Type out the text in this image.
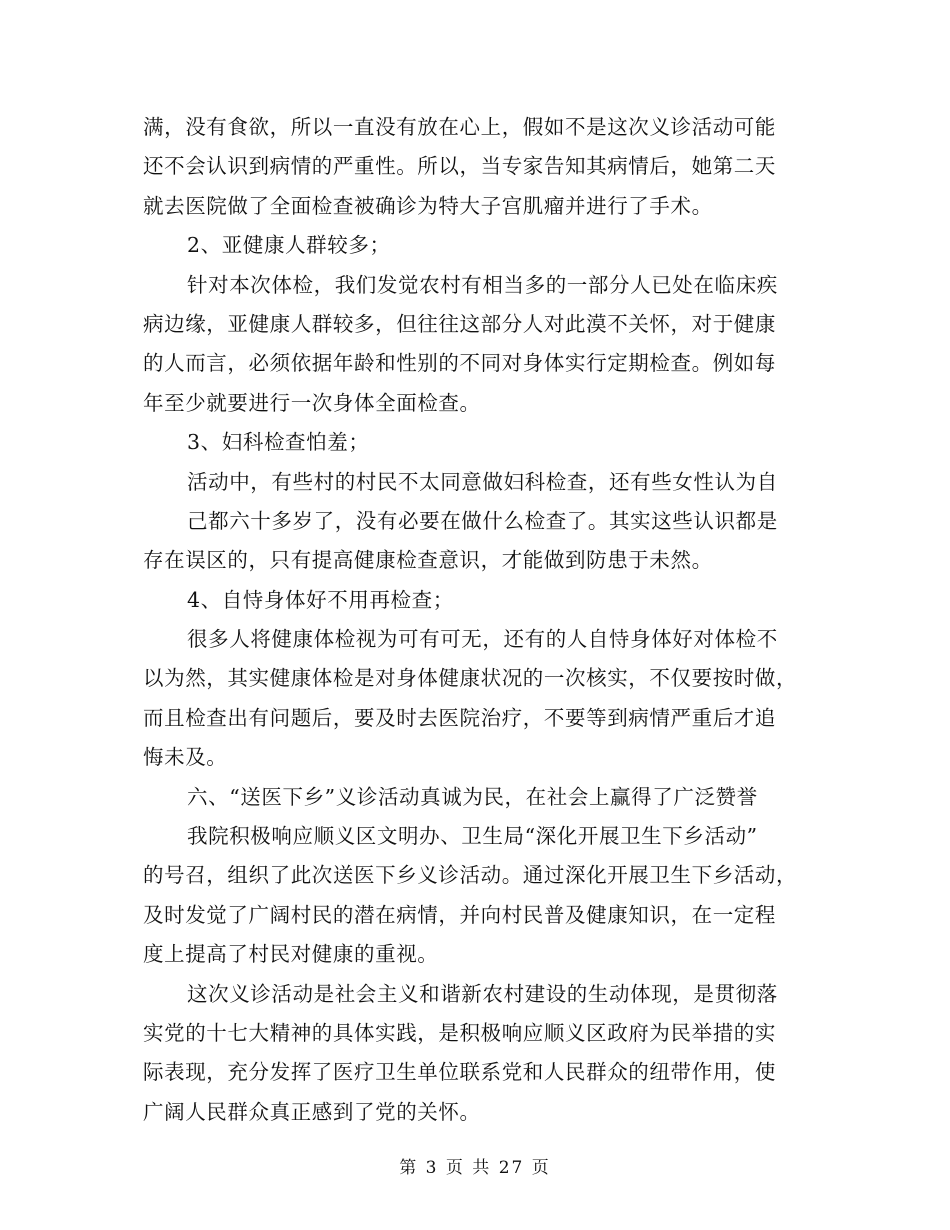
满，没有食欲，所以一直没有放在心上，假如不是这次义诊活动可能
还不会认识到病情的严重性。所以，当专家告知其病情后，她第二天
就去医院做了全面检查被确诊为特大子宫肌瘤并进行了手术。
2、亚健康人群较多；
针对本次体检，我们发觉农村有相当多的一部分人已处在临床疾
病边缘，亚健康人群较多，但往往这部分人对此漠不关怀，对于健康
的人而言，必须依据年龄和性别的不同对身体实行定期检查。例如每
年至少就要进行一次身体全面检查。
3、妇科检查怕羞；
活动中，有些村的村民不太同意做妇科检查，还有些女性认为自
己都六十多岁了，没有必要在做什么检查了。其实这些认识都是
存在误区的，只有提高健康检查意识，才能做到防患于未然。
4、自恃身体好不用再检查；
很多人将健康体检视为可有可无，还有的人自恃身体好对体检不
以为然，其实健康体检是对身体健康状况的一次核实，不仅要按时做，
而且检查出有问题后，要及时去医院治疗，不要等到病情严重后才追
悔未及。
六、“送医下乡”义诊活动真诚为民，在社会上赢得了广泛赞誉
我院积极响应顺义区文明办、卫生局“深化开展卫生下乡活动”
的号召，组织了此次送医下乡义诊活动。通过深化开展卫生下乡活动，
及时发觉了广阔村民的潜在病情，并向村民普及健康知识，在一定程
度上提高了村民对健康的重视。
这次义诊活动是社会主义和谐新农村建设的生动体现，是贯彻落
实党的十七大精神的具体实践，是积极响应顺义区政府为民举措的实
际表现，充分发挥了医疗卫生单位联系党和人民群众的纽带作用，使
广阔人民群众真正感到了党的关怀。
第 3 页 共 27 页
